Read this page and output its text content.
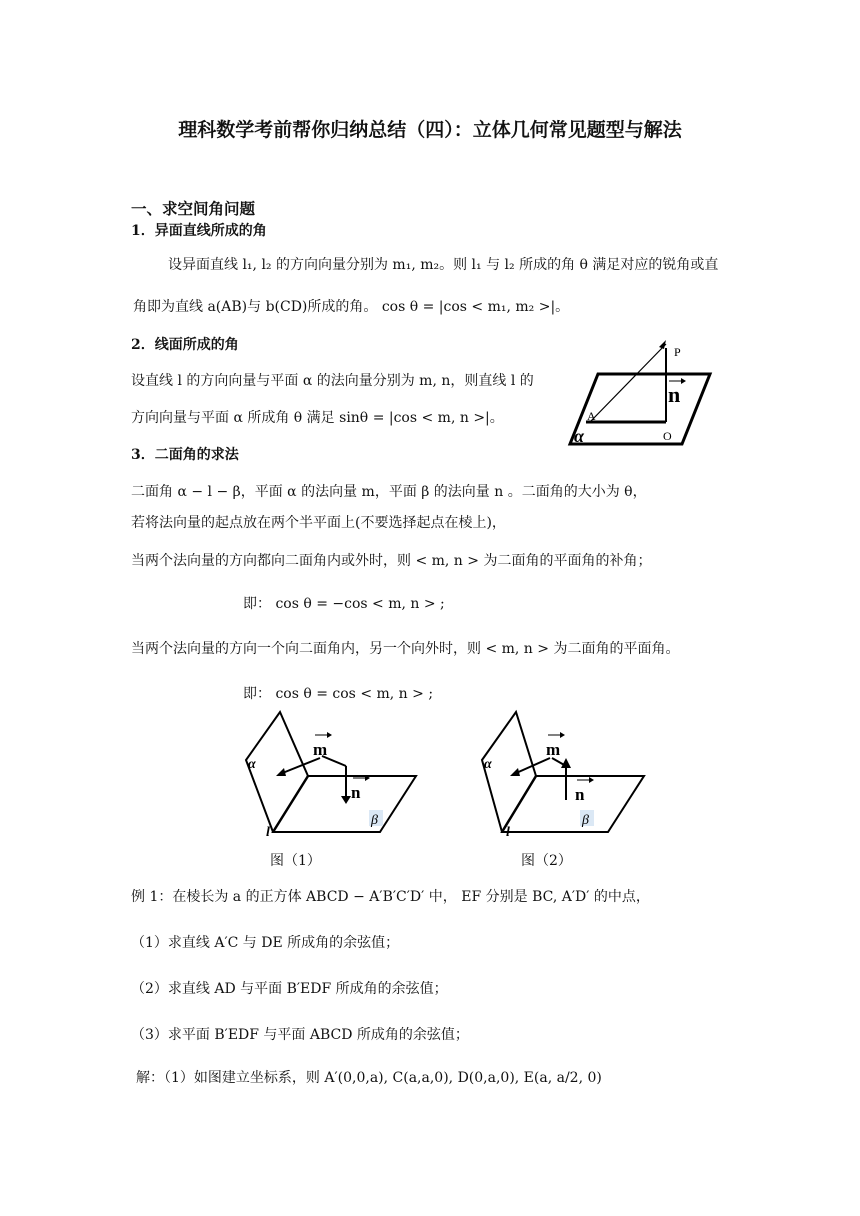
理科数学考前帮你归纳总结（四）：立体几何常见题型与解法
一、求空间角问题
1．异面直线所成的角
设异面直线 l₁, l₂ 的方向向量分别为 m₁, m₂。则 l₁ 与 l₂ 所成的角 θ 满足对应的锐角或直
角即为直线 a(AB)与 b(CD)所成的角。 cos θ = |cos < m₁, m₂ >|。
2．线面所成的角
设直线 l 的方向向量与平面 α 的法向量分别为 m, n，则直线 l 的
方向向量与平面 α 所成角 θ 满足 sinθ = |cos < m, n >|。
P
A
O
n
α
3．二面角的求法
二面角 α − l − β，平面 α 的法向量 m，平面 β 的法向量 n 。二面角的大小为 θ，
若将法向量的起点放在两个半平面上(不要选择起点在棱上)，
当两个法向量的方向都向二面角内或外时，则 < m, n > 为二面角的平面角的补角；
即： cos θ = −cos < m, n > ;
当两个法向量的方向一个向二面角内，另一个向外时，则 < m, n > 为二面角的平面角。
即： cos θ = cos < m, n > ;
m
n
α
β
l
图（1）
m
n
α
β
l
图（2）
例 1：在棱长为 a 的正方体 ABCD − A′B′C′D′ 中， EF 分别是 BC, A′D′ 的中点，
（1）求直线 A′C 与 DE 所成角的余弦值；
（2）求直线 AD 与平面 B′EDF 所成角的余弦值；
（3）求平面 B′EDF 与平面 ABCD 所成角的余弦值；
解：（1）如图建立坐标系，则 A′(0,0,a), C(a,a,0), D(0,a,0), E(a, a/2, 0)
